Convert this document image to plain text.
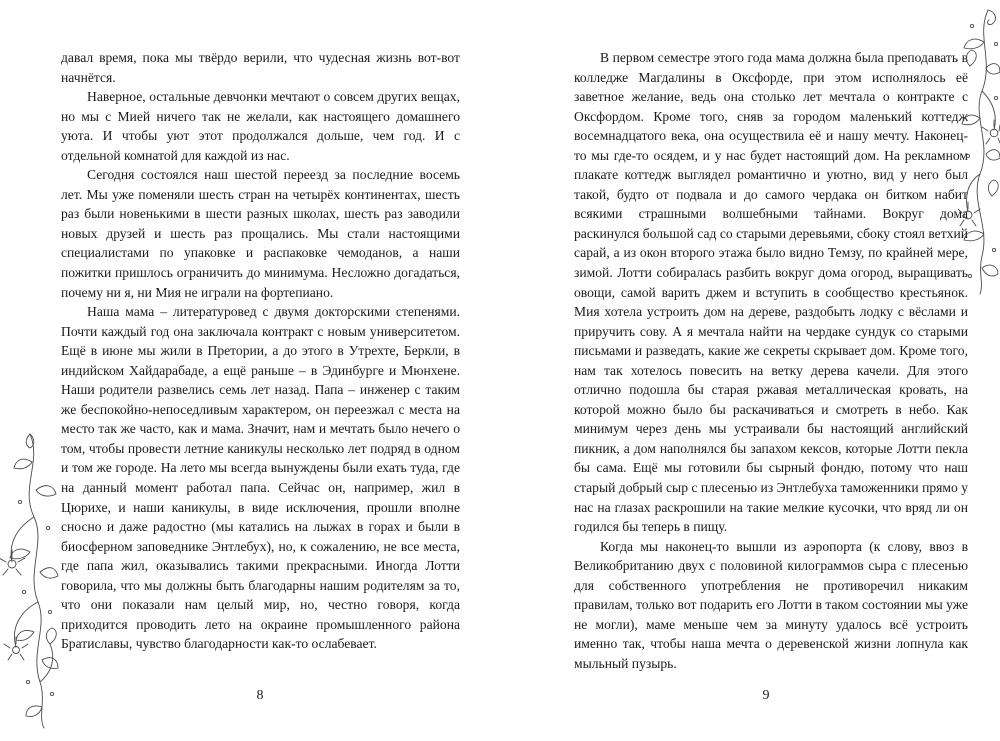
давал время, пока мы твёрдо верили, что чудесная жизнь вот-вот начнётся.

Наверное, остальные девчонки мечтают о совсем других вещах, но мы с Мией ничего так не желали, как настоящего домашнего уюта. И чтобы уют этот продолжался дольше, чем год. И с отдельной комнатой для каждой из нас.

Сегодня состоялся наш шестой переезд за последние восемь лет. Мы уже поменяли шесть стран на четырёх континентах, шесть раз были новенькими в шести разных школах, шесть раз заводили новых друзей и шесть раз прощались. Мы стали настоящими специалистами по упаковке и распаковке чемоданов, а наши пожитки пришлось ограничить до минимума. Несложно догадаться, почему ни я, ни Мия не играли на фортепиано.

Наша мама – литературовед с двумя докторскими степенями. Почти каждый год она заключала контракт с новым университетом. Ещё в июне мы жили в Претории, а до этого в Утрехте, Беркли, в индийском Хайдарабаде, а ещё раньше – в Эдинбурге и Мюнхене. Наши родители развелись семь лет назад. Папа – инженер с таким же беспокойно-непоседливым характером, он переезжал с места на место так же часто, как и мама. Значит, нам и мечтать было нечего о том, чтобы провести летние каникулы несколько лет подряд в одном и том же городе. На лето мы всегда вынуждены были ехать туда, где на данный момент работал папа. Сейчас он, например, жил в Цюрихе, и наши каникулы, в виде исключения, прошли вполне сносно и даже радостно (мы катались на лыжах в горах и были в биосферном заповеднике Энтлебух), но, к сожалению, не все места, где папа жил, оказывались такими прекрасными. Иногда Лотти говорила, что мы должны быть благодарны нашим родителям за то, что они показали нам целый мир, но, честно говоря, когда приходится проводить лето на окраине промышленного района Братиславы, чувство благодарности как-то ослабевает.

8

В первом семестре этого года мама должна была преподавать в колледже Магдалины в Оксфорде, при этом исполнялось её заветное желание, ведь она столько лет мечтала о контракте с Оксфордом. Кроме того, сняв за городом маленький коттедж восемнадцатого века, она осуществила её и нашу мечту. Наконец-то мы где-то осядем, и у нас будет настоящий дом. На рекламном плакате коттедж выглядел романтично и уютно, вид у него был такой, будто от подвала и до самого чердака он битком набит всякими страшными волшебными тайнами. Вокруг дома раскинулся большой сад со старыми деревьями, сбоку стоял ветхий сарай, а из окон второго этажа было видно Темзу, по крайней мере, зимой. Лотти собиралась разбить вокруг дома огород, выращивать овощи, самой варить джем и вступить в сообщество крестьянок. Мия хотела устроить дом на дереве, раздобыть лодку с вёслами и приручить сову. А я мечтала найти на чердаке сундук со старыми письмами и разведать, какие же секреты скрывает дом. Кроме того, нам так хотелось повесить на ветку дерева качели. Для этого отлично подошла бы старая ржавая металлическая кровать, на которой можно было бы раскачиваться и смотреть в небо. Как минимум через день мы устраивали бы настоящий английский пикник, а дом наполнялся бы запахом кексов, которые Лотти пекла бы сама. Ещё мы готовили бы сырный фондю, потому что наш старый добрый сыр с плесенью из Энтлебуха таможенники прямо у нас на глазах раскрошили на такие мелкие кусочки, что вряд ли он годился бы теперь в пищу.

Когда мы наконец-то вышли из аэропорта (к слову, ввоз в Великобританию двух с половиной килограммов сыра с плесенью для собственного употребления не противоречил никаким правилам, только вот подарить его Лотти в таком состоянии мы уже не могли), маме меньше чем за минуту удалось всё устроить именно так, чтобы наша мечта о деревенской жизни лопнула как мыльный пузырь.

9
